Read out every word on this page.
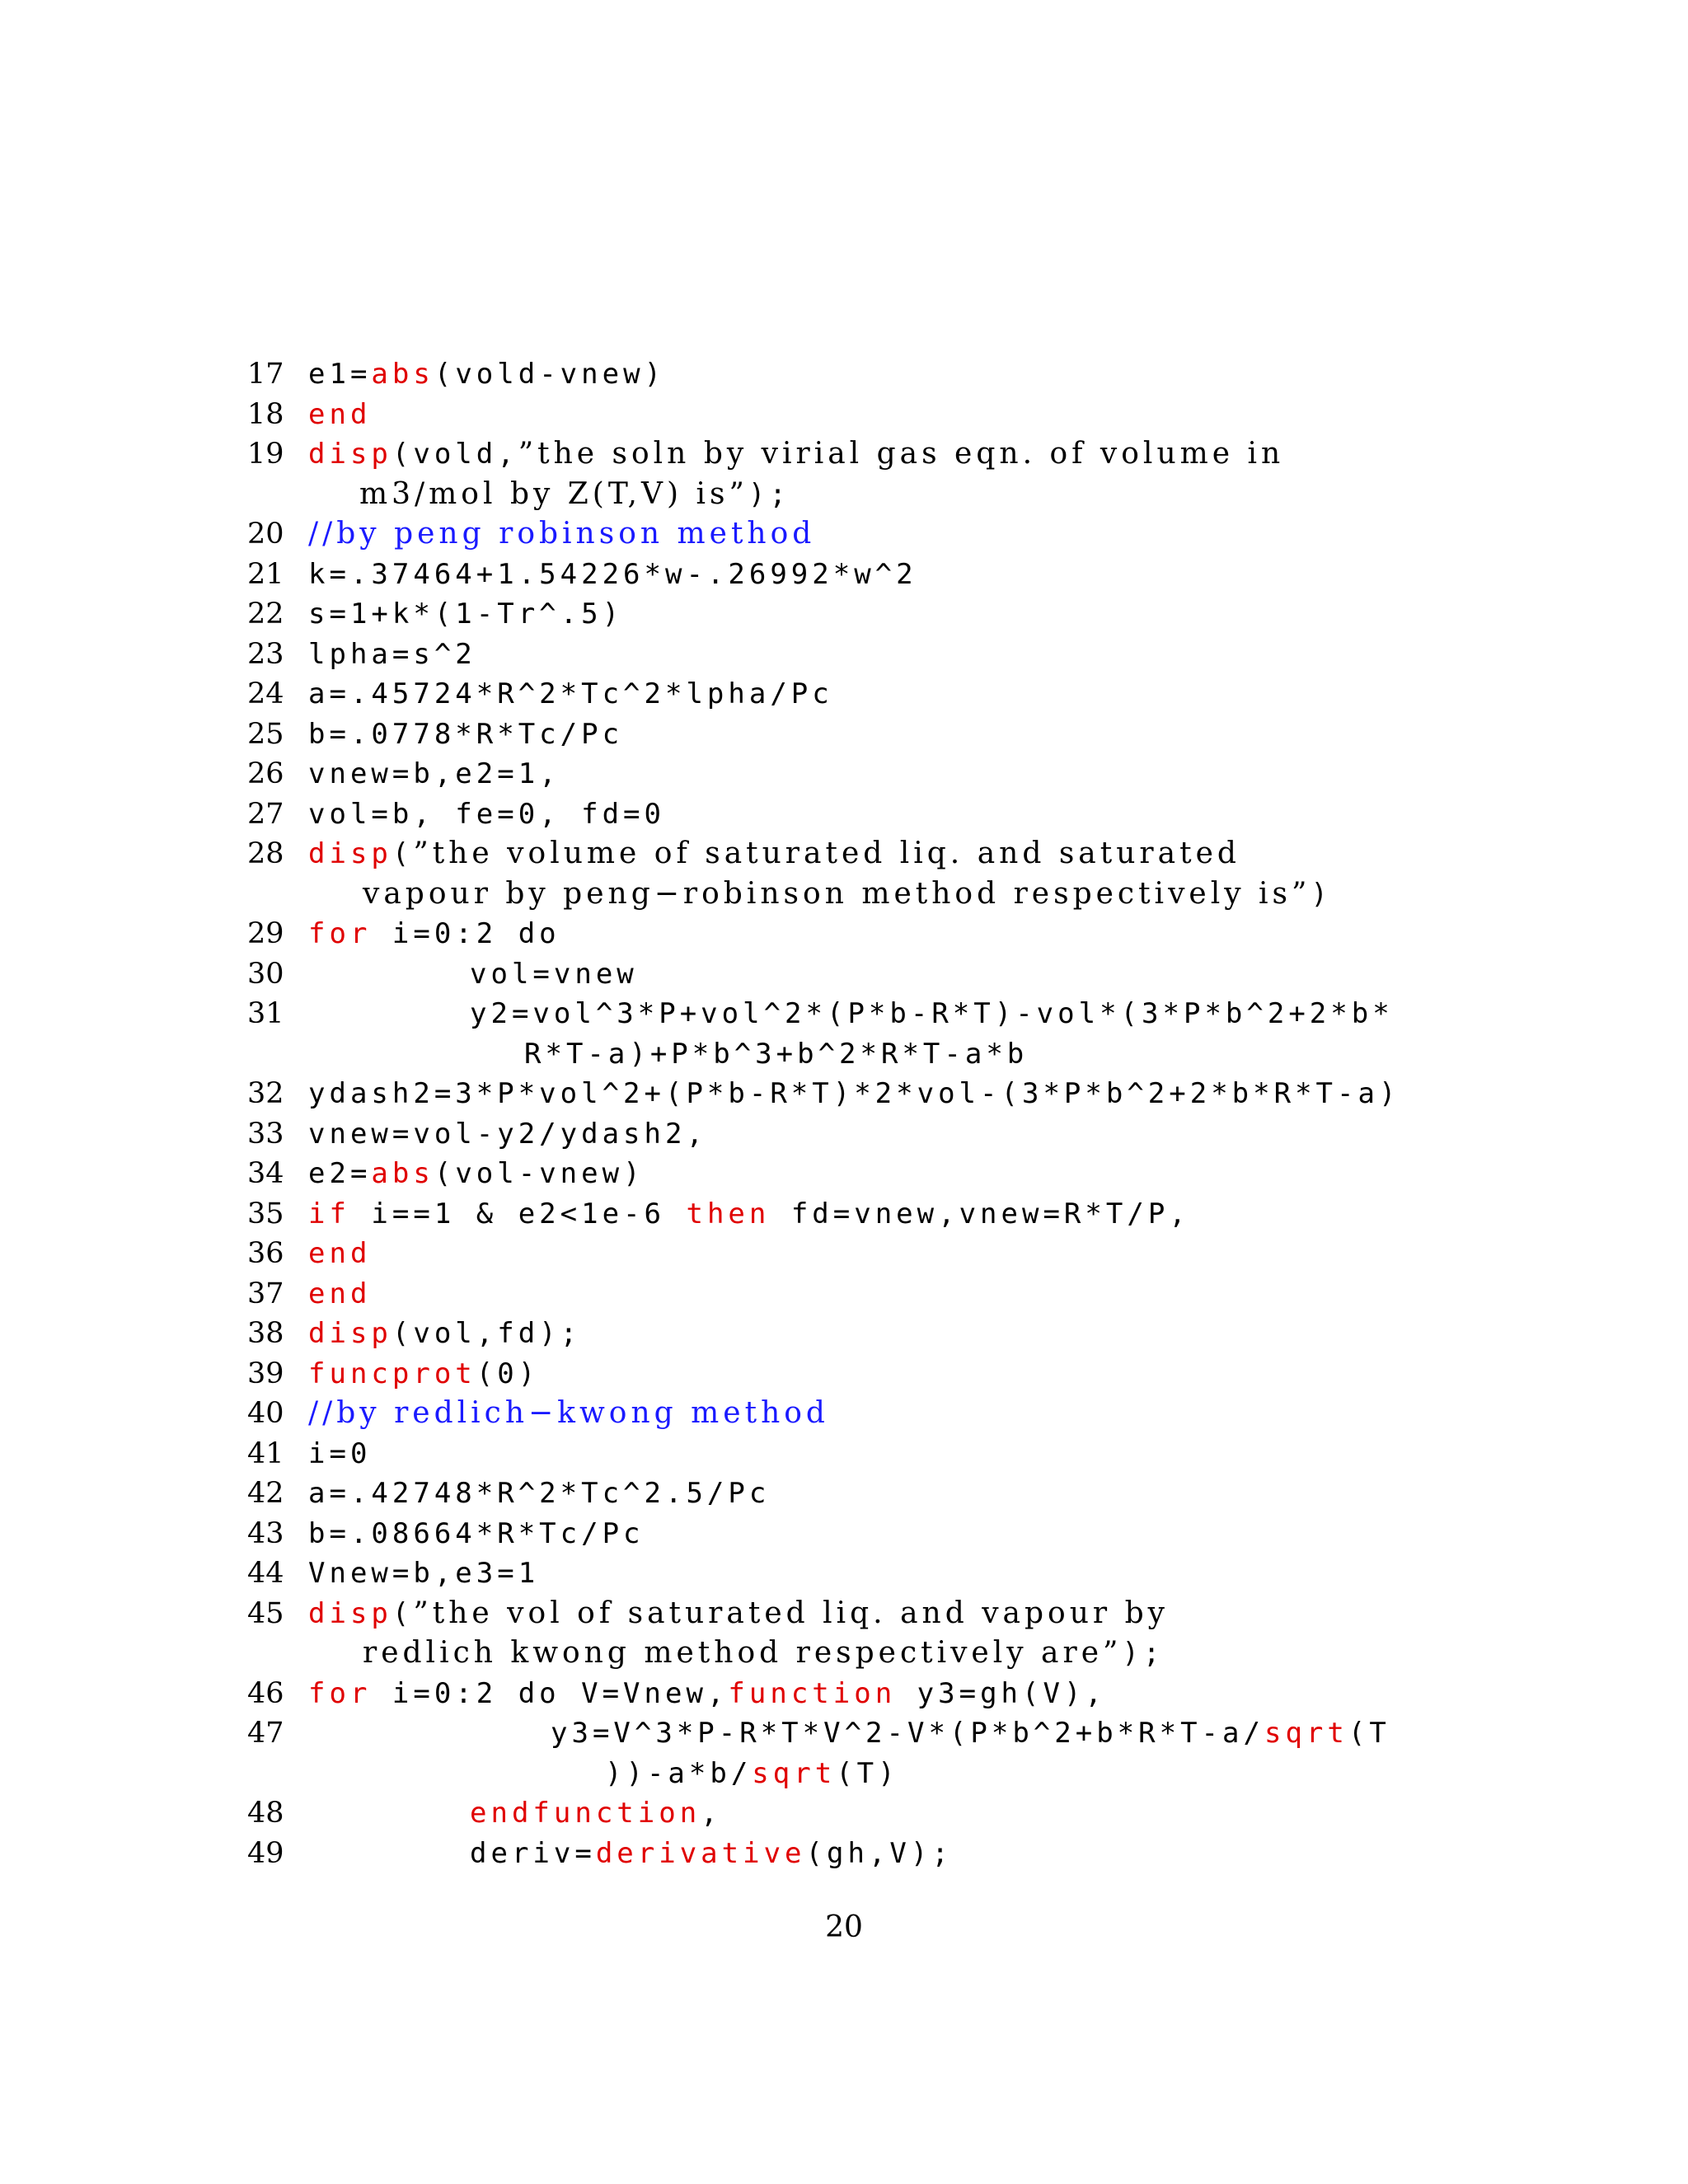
17 e1=abs(vold-vnew)
18 end
19 disp(vold,”the soln by virial gas eqn. of volume in
m3/mol by Z(T,V) is”);
20 //by peng robinson method
21 k=.37464+1.54226*w-.26992*w^2
22 s=1+k*(1-Tr^.5)
23 lpha=s^2
24 a=.45724*R^2*Tc^2*lpha/Pc
25 b=.0778*R*Tc/Pc
26 vnew=b,e2=1,
27 vol=b, fe=0, fd=0
28 disp(”the volume of saturated liq. and saturated
vapour by peng−robinson method respectively is”)
29 for i=0:2 do
30	vol=vnew
31	y2=vol^3*P+vol^2*(P*b-R*T)-vol*(3*P*b^2+2*b*
R*T-a)+P*b^3+b^2*R*T-a*b
32 ydash2=3*P*vol^2+(P*b-R*T)*2*vol-(3*P*b^2+2*b*R*T-a)
33 vnew=vol-y2/ydash2,
34 e2=abs(vol-vnew)
35 if i==1 & e2<1e-6 then fd=vnew,vnew=R*T/P,
36 end
37 end
38 disp(vol,fd);
39 funcprot(0)
40 //by redlich−kwong method
41 i=0
42 a=.42748*R^2*Tc^2.5/Pc
43 b=.08664*R*Tc/Pc
44 Vnew=b,e3=1
45 disp(”the vol of saturated liq. and vapour by
redlich kwong method respectively are”);
46 for i=0:2 do V=Vnew,function y3=gh(V),
47	y3=V^3*P-R*T*V^2-V*(P*b^2+b*R*T-a/sqrt(T
))-a*b/sqrt(T)
48	endfunction,
49	deriv=derivative(gh,V);
20
